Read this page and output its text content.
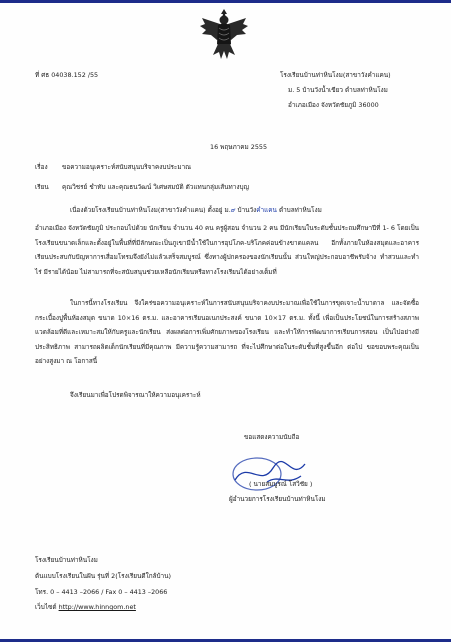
ที่ ศธ 04038.152 /55	โรงเรียนบ้านท่าหินโงม(สาขาวังคำแคน)
ม. 5 บ้านวังน้ำเขียว ตำบลท่าหินโงม
อำเภอเมือง จังหวัดชัยภูมิ 36000
16 พฤษภาคม 2555
เรื่อง ขอความอนุเคราะห์สนับสนุนบริจาคงบประมาณ
เรียน คุณวิชรย์ ชำทับ และคุณธนวัฒน์ วิเศษสมบัติ ตัวแทนกลุ่มเส้นทางบุญ
เนื่องด้วยโรงเรียนบ้านท่าหินโงม(สาขาวังคำแคน) ตั้งอยู่ ม.๙ บ้านวังคำแคน ตำบลท่าหินโงม
อำเภอเมือง จังหวัดชัยภูมิ ประกอบไปด้วย นักเรียน จำนวน 40 คน ครูผู้สอน จำนวน 2 คน มีนักเรียนในระดับชั้นประถมศึกษาปีที่ 1- 6 โดยเป็นโรงเรียนขนาดเล็กและตั้งอยู่ในพื้นที่ที่มีลักษณะเป็นภูเขามีน้ำใช้ในการอุปโภค-บริโภคค่อนข้างขาดแคลน อีกทั้งภายในห้องสมุดและอาคารเรียนประสบกับปัญหาการเสื่อมโทรมจึงยังไม่แล้วเสร็จสมบูรณ์ ซึ่งทางผู้ปกครองของนักเรียนนั้น ส่วนใหญ่ประกอบอาชีพรับจ้าง ทำสวนและทำไร่ มีรายได้น้อย ไม่สามารถที่จะสนับสนุนช่วยเหลือนักเรียนหรือทางโรงเรียนได้อย่างเต็มที่
ในการนี้ทางโรงเรียน จึงใคร่ขอความอนุเคราะห์ในการสนับสนุนบริจาคงบประมาณเพื่อใช้ในการขุดเจาะน้ำบาดาล และจัดซื้อกระเบื้องปูพื้นห้องสมุด ขนาด 10×16 ตร.ม. และอาคารเรียนอเนกประสงค์ ขนาด 10×17 ตร.ม. ทั้งนี้ เพื่อเป็นประโยชน์ในการสร้างสภาพแวดล้อมที่ดีและเหมาะสมให้กับครูและนักเรียน ส่งผลต่อการเพิ่มศักยภาพของโรงเรียน และทำให้การพัฒนาการเรียนการสอน เป็นไปอย่างมีประสิทธิภาพ สามารถผลิตเด็กนักเรียนที่มีคุณภาพ มีความรู้ความสามารถ ที่จะไปศึกษาต่อในระดับชั้นที่สูงขึ้นอีก ต่อไป ขอขอบพระคุณเป็นอย่างสูงมา ณ โอกาสนี้
จึงเรียนมาเพื่อโปรดพิจารณาให้ความอนุเคราะห์
ขอแสดงความนับถือ
( นายสมบูรณ์ โสวิชัย )
ผู้อำนวยการโรงเรียนบ้านท่าหินโงม
โรงเรียนบ้านท่าหินโงม
ต้นแบบโรงเรียนในฝัน รุ่นที่ 2(โรงเรียนดีใกล้บ้าน)
โทร. 0 – 4413 –2066 / Fax 0 – 4413 –2066
เว็บไซต์ http://www.hinngom.net
